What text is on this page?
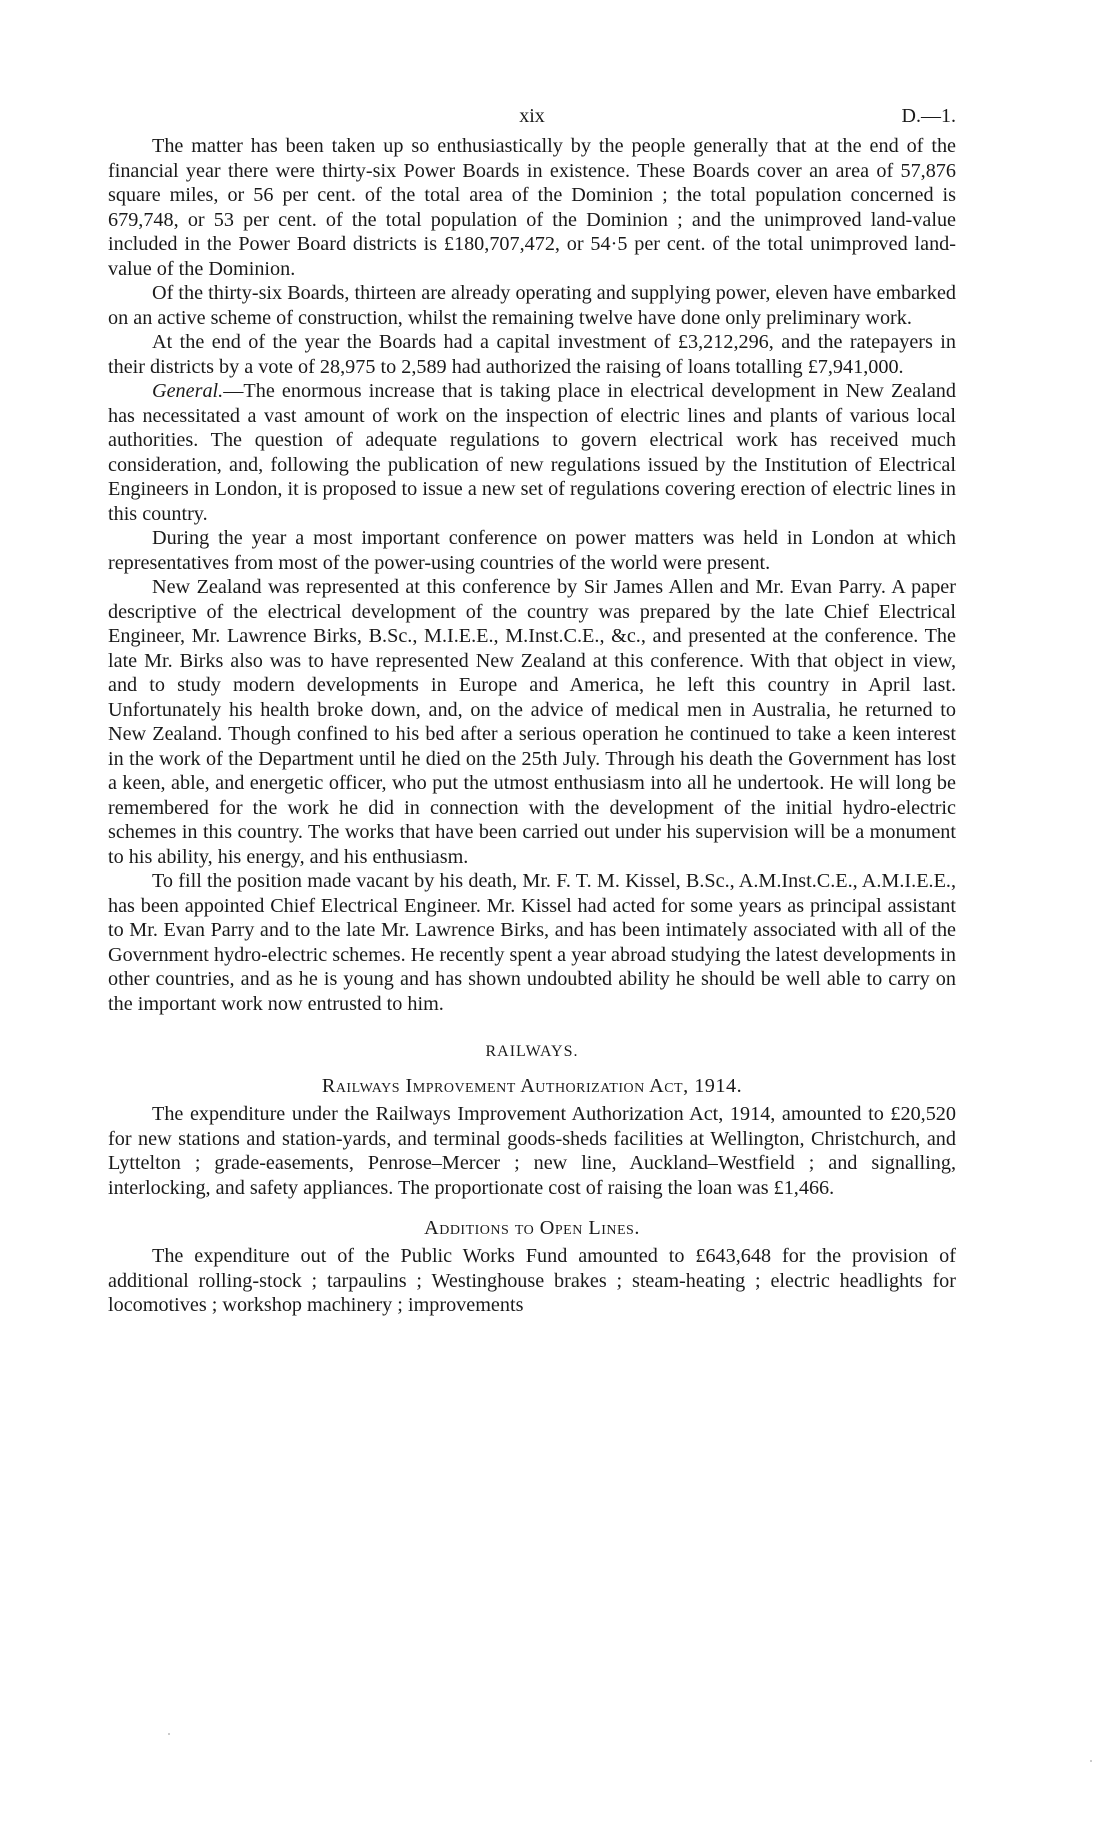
xix	D.—1.

The matter has been taken up so enthusiastically by the people generally that at the end of the financial year there were thirty-six Power Boards in existence. These Boards cover an area of 57,876 square miles, or 56 per cent. of the total area of the Dominion ; the total population concerned is 679,748, or 53 per cent. of the total population of the Dominion ; and the unimproved land-value included in the Power Board districts is £180,707,472, or 54·5 per cent. of the total unimproved land-value of the Dominion.

Of the thirty-six Boards, thirteen are already operating and supplying power, eleven have embarked on an active scheme of construction, whilst the remaining twelve have done only preliminary work.

At the end of the year the Boards had a capital investment of £3,212,296, and the ratepayers in their districts by a vote of 28,975 to 2,589 had authorized the raising of loans totalling £7,941,000.

General.—The enormous increase that is taking place in electrical development in New Zealand has necessitated a vast amount of work on the inspection of electric lines and plants of various local authorities. The question of adequate regulations to govern electrical work has received much consideration, and, following the publication of new regulations issued by the Institution of Electrical Engineers in London, it is proposed to issue a new set of regulations covering erection of electric lines in this country.

During the year a most important conference on power matters was held in London at which representatives from most of the power-using countries of the world were present.

New Zealand was represented at this conference by Sir James Allen and Mr. Evan Parry. A paper descriptive of the electrical development of the country was prepared by the late Chief Electrical Engineer, Mr. Lawrence Birks, B.Sc., M.I.E.E., M.Inst.C.E., &c., and presented at the conference. The late Mr. Birks also was to have represented New Zealand at this conference. With that object in view, and to study modern developments in Europe and America, he left this country in April last. Unfortunately his health broke down, and, on the advice of medical men in Australia, he returned to New Zealand. Though confined to his bed after a serious operation he continued to take a keen interest in the work of the Department until he died on the 25th July. Through his death the Government has lost a keen, able, and energetic officer, who put the utmost enthusiasm into all he undertook. He will long be remembered for the work he did in connection with the development of the initial hydro-electric schemes in this country. The works that have been carried out under his supervision will be a monument to his ability, his energy, and his enthusiasm.

To fill the position made vacant by his death, Mr. F. T. M. Kissel, B.Sc., A.M.Inst.C.E., A.M.I.E.E., has been appointed Chief Electrical Engineer. Mr. Kissel had acted for some years as principal assistant to Mr. Evan Parry and to the late Mr. Lawrence Birks, and has been intimately associated with all of the Government hydro-electric schemes. He recently spent a year abroad studying the latest developments in other countries, and as he is young and has shown undoubted ability he should be well able to carry on the important work now entrusted to him.

RAILWAYS.
Railways Improvement Authorization Act, 1914.

The expenditure under the Railways Improvement Authorization Act, 1914, amounted to £20,520 for new stations and station-yards, and terminal goods-sheds facilities at Wellington, Christchurch, and Lyttelton ; grade-easements, Penrose–Mercer ; new line, Auckland–Westfield ; and signalling, interlocking, and safety appliances. The proportionate cost of raising the loan was £1,466.

Additions to Open Lines.

The expenditure out of the Public Works Fund amounted to £643,648 for the provision of additional rolling-stock ; tarpaulins ; Westinghouse brakes ; steam-heating ; electric headlights for locomotives ; workshop machinery ; improvements
